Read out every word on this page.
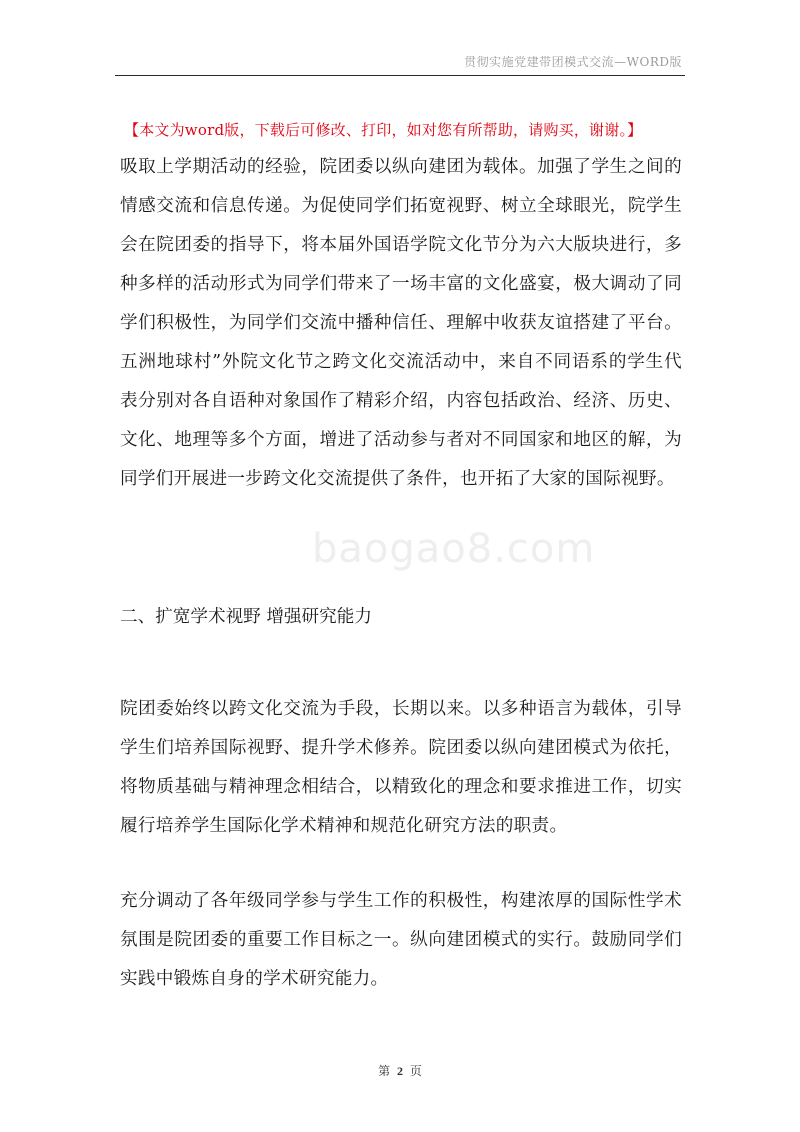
贯彻实施党建带团模式交流—WORD版
【本文为word版，下载后可修改、打印，如对您有所帮助，请购买，谢谢。】
baogao8.com

吸取上学期活动的经验，院团委以纵向建团为载体。加强了学生之间的情感交流和信息传递。为促使同学们拓宽视野、树立全球眼光，院学生会在院团委的指导下，将本届外国语学院文化节分为六大版块进行，多种多样的活动形式为同学们带来了一场丰富的文化盛宴，极大调动了同学们积极性，为同学们交流中播种信任、理解中收获友谊搭建了平台。五洲地球村”外院文化节之跨文化交流活动中，来自不同语系的学生代表分别对各自语种对象国作了精彩介绍，内容包括政治、经济、历史、文化、地理等多个方面，增进了活动参与者对不同国家和地区的解，为同学们开展进一步跨文化交流提供了条件，也开拓了大家的国际视野。

二、扩宽学术视野 增强研究能力

院团委始终以跨文化交流为手段，长期以来。以多种语言为载体，引导学生们培养国际视野、提升学术修养。院团委以纵向建团模式为依托，将物质基础与精神理念相结合，以精致化的理念和要求推进工作，切实履行培养学生国际化学术精神和规范化研究方法的职责。

充分调动了各年级同学参与学生工作的积极性，构建浓厚的国际性学术氛围是院团委的重要工作目标之一。纵向建团模式的实行。鼓励同学们实践中锻炼自身的学术研究能力。

第 2 页
